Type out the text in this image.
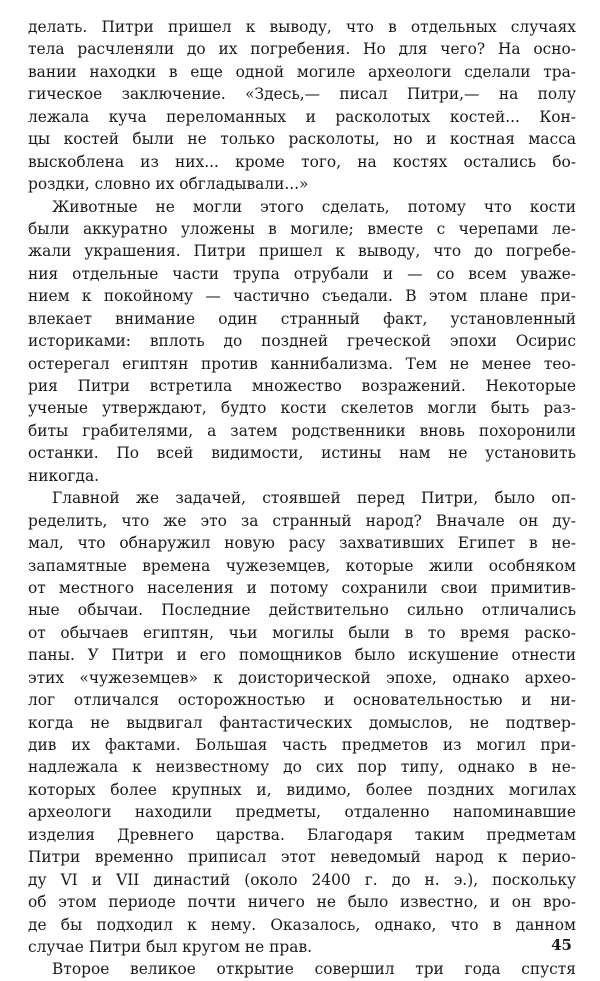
делать. Питри пришел к выводу, что в отдельных случаях
тела расчленяли до их погребения. Но для чего? На осно-
вании находки в еще одной могиле археологи сделали тра-
гическое заключение. «Здесь,— писал Питри,— на полу
лежала куча переломанных и расколотых костей... Кон-
цы костей были не только расколоты, но и костная масса
выскоблена из них... кроме того, на костях остались бо-
роздки, словно их обгладывали...»
Животные не могли этого сделать, потому что кости
были аккуратно уложены в могиле; вместе с черепами ле-
жали украшения. Питри пришел к выводу, что до погребе-
ния отдельные части трупа отрубали и — со всем уваже-
нием к покойному — частично съедали. В этом плане при-
влекает внимание один странный факт, установленный
историками: вплоть до поздней греческой эпохи Осирис
остерегал египтян против каннибализма. Тем не менее тео-
рия Питри встретила множество возражений. Некоторые
ученые утверждают, будто кости скелетов могли быть раз-
биты грабителями, а затем родственники вновь похоронили
останки. По всей видимости, истины нам не установить
никогда.
Главной же задачей, стоявшей перед Питри, было оп-
ределить, что же это за странный народ? Вначале он ду-
мал, что обнаружил новую расу захвативших Египет в не-
запамятные времена чужеземцев, которые жили особняком
от местного населения и потому сохранили свои примитив-
ные обычаи. Последние действительно сильно отличались
от обычаев египтян, чьи могилы были в то время раско-
паны. У Питри и его помощников было искушение отнести
этих «чужеземцев» к доисторической эпохе, однако архео-
лог отличался осторожностью и основательностью и ни-
когда не выдвигал фантастических домыслов, не подтвер-
див их фактами. Большая часть предметов из могил при-
надлежала к неизвестному до сих пор типу, однако в не-
которых более крупных и, видимо, более поздних могилах
археологи находили предметы, отдаленно напоминавшие
изделия Древнего царства. Благодаря таким предметам
Питри временно приписал этот неведомый народ к перио-
ду VI и VII династий (около 2400 г. до н. э.), поскольку
об этом периоде почти ничего не было известно, и он вро-
де бы подходил к нему. Оказалось, однако, что в данном
случае Питри был кругом не прав.
Второе великое открытие совершил три года спустя
45
